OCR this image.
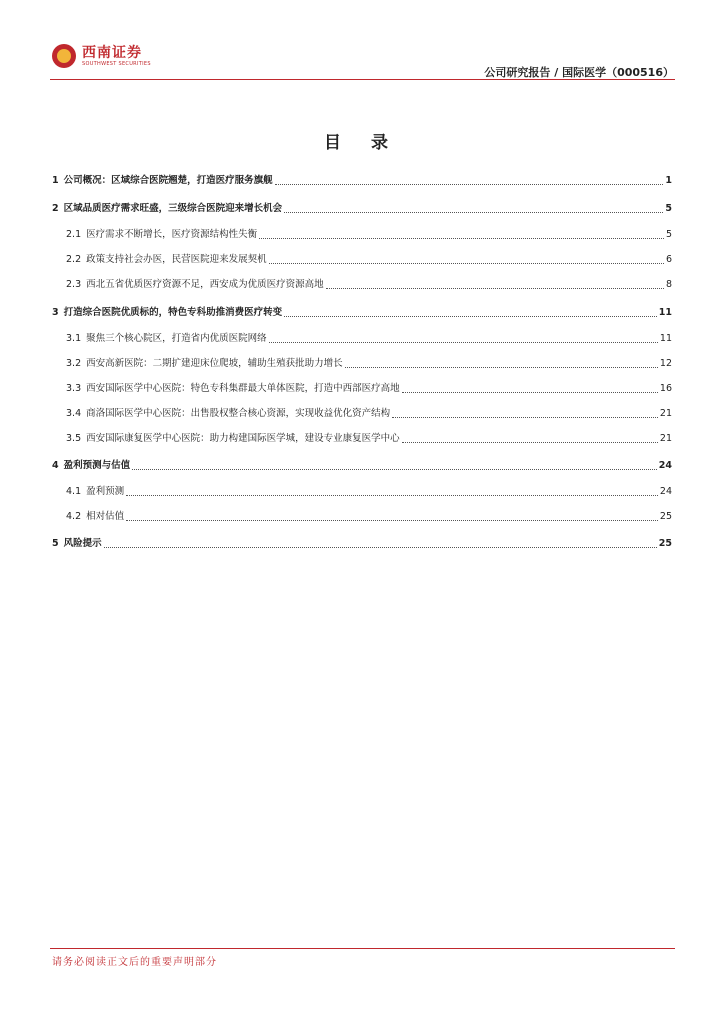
西南证券
SOUTHWEST SECURITIES
公司研究报告 / 国际医学（000516）
目 录
1 公司概况：区域综合医院翘楚，打造医疗服务旗舰	1
2 区域品质医疗需求旺盛，三级综合医院迎来增长机会	5
2.1 医疗需求不断增长，医疗资源结构性失衡	5
2.2 政策支持社会办医，民营医院迎来发展契机	6
2.3 西北五省优质医疗资源不足，西安成为优质医疗资源高地	8
3 打造综合医院优质标的，特色专科助推消费医疗转变	11
3.1 聚焦三个核心院区，打造省内优质医院网络	11
3.2 西安高新医院：二期扩建迎床位爬坡，辅助生殖获批助力增长	12
3.3 西安国际医学中心医院：特色专科集群最大单体医院，打造中西部医疗高地	16
3.4 商洛国际医学中心医院：出售股权整合核心资源，实现收益优化资产结构	21
3.5 西安国际康复医学中心医院：助力构建国际医学城，建设专业康复医学中心	21
4 盈利预测与估值	24
4.1 盈利预测	24
4.2 相对估值	25
5 风险提示	25
请务必阅读正文后的重要声明部分
